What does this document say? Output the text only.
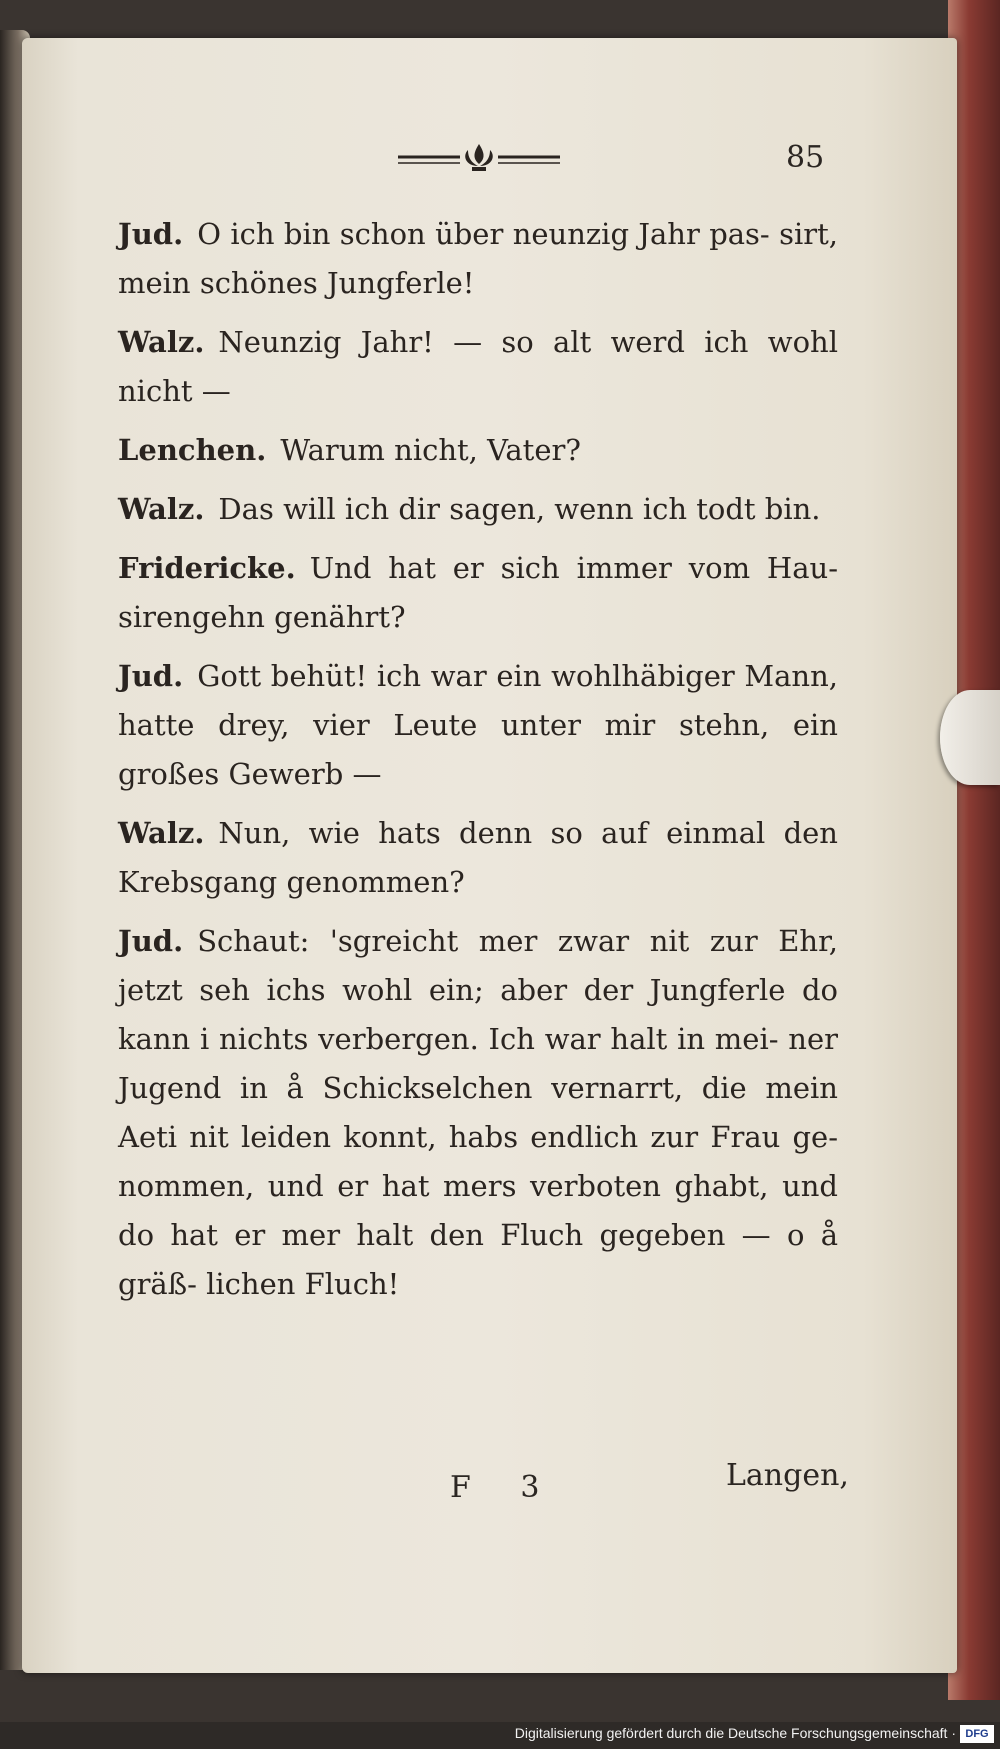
85

Jud. O ich bin schon über neunzig Jahr pas- sirt, mein schönes Jungferle!

Walz. Neunzig Jahr! — so alt werd ich wohl nicht —

Lenchen. Warum nicht, Vater?

Walz. Das will ich dir sagen, wenn ich todt bin.

Fridericke. Und hat er sich immer vom Hau- sirengehn genährt?

Jud. Gott behüt! ich war ein wohlhäbiger Mann, hatte drey, vier Leute unter mir stehn, ein großes Gewerb —

Walz. Nun, wie hats denn so auf einmal den Krebsgang genommen?

Jud. Schaut: 'sgreicht mer zwar nit zur Ehr, jetzt seh ichs wohl ein; aber der Jungferle do kann i nichts verbergen. Ich war halt in mei- ner Jugend in å Schickselchen vernarrt, die mein Aeti nit leiden konnt, habs endlich zur Frau ge- nommen, und er hat mers verboten ghabt, und do hat er mer halt den Fluch gegeben — o å gräß- lichen Fluch!

F 3	Langen,
Digitalisierung gefördert durch die Deutsche Forschungsgemeinschaft · DFG
